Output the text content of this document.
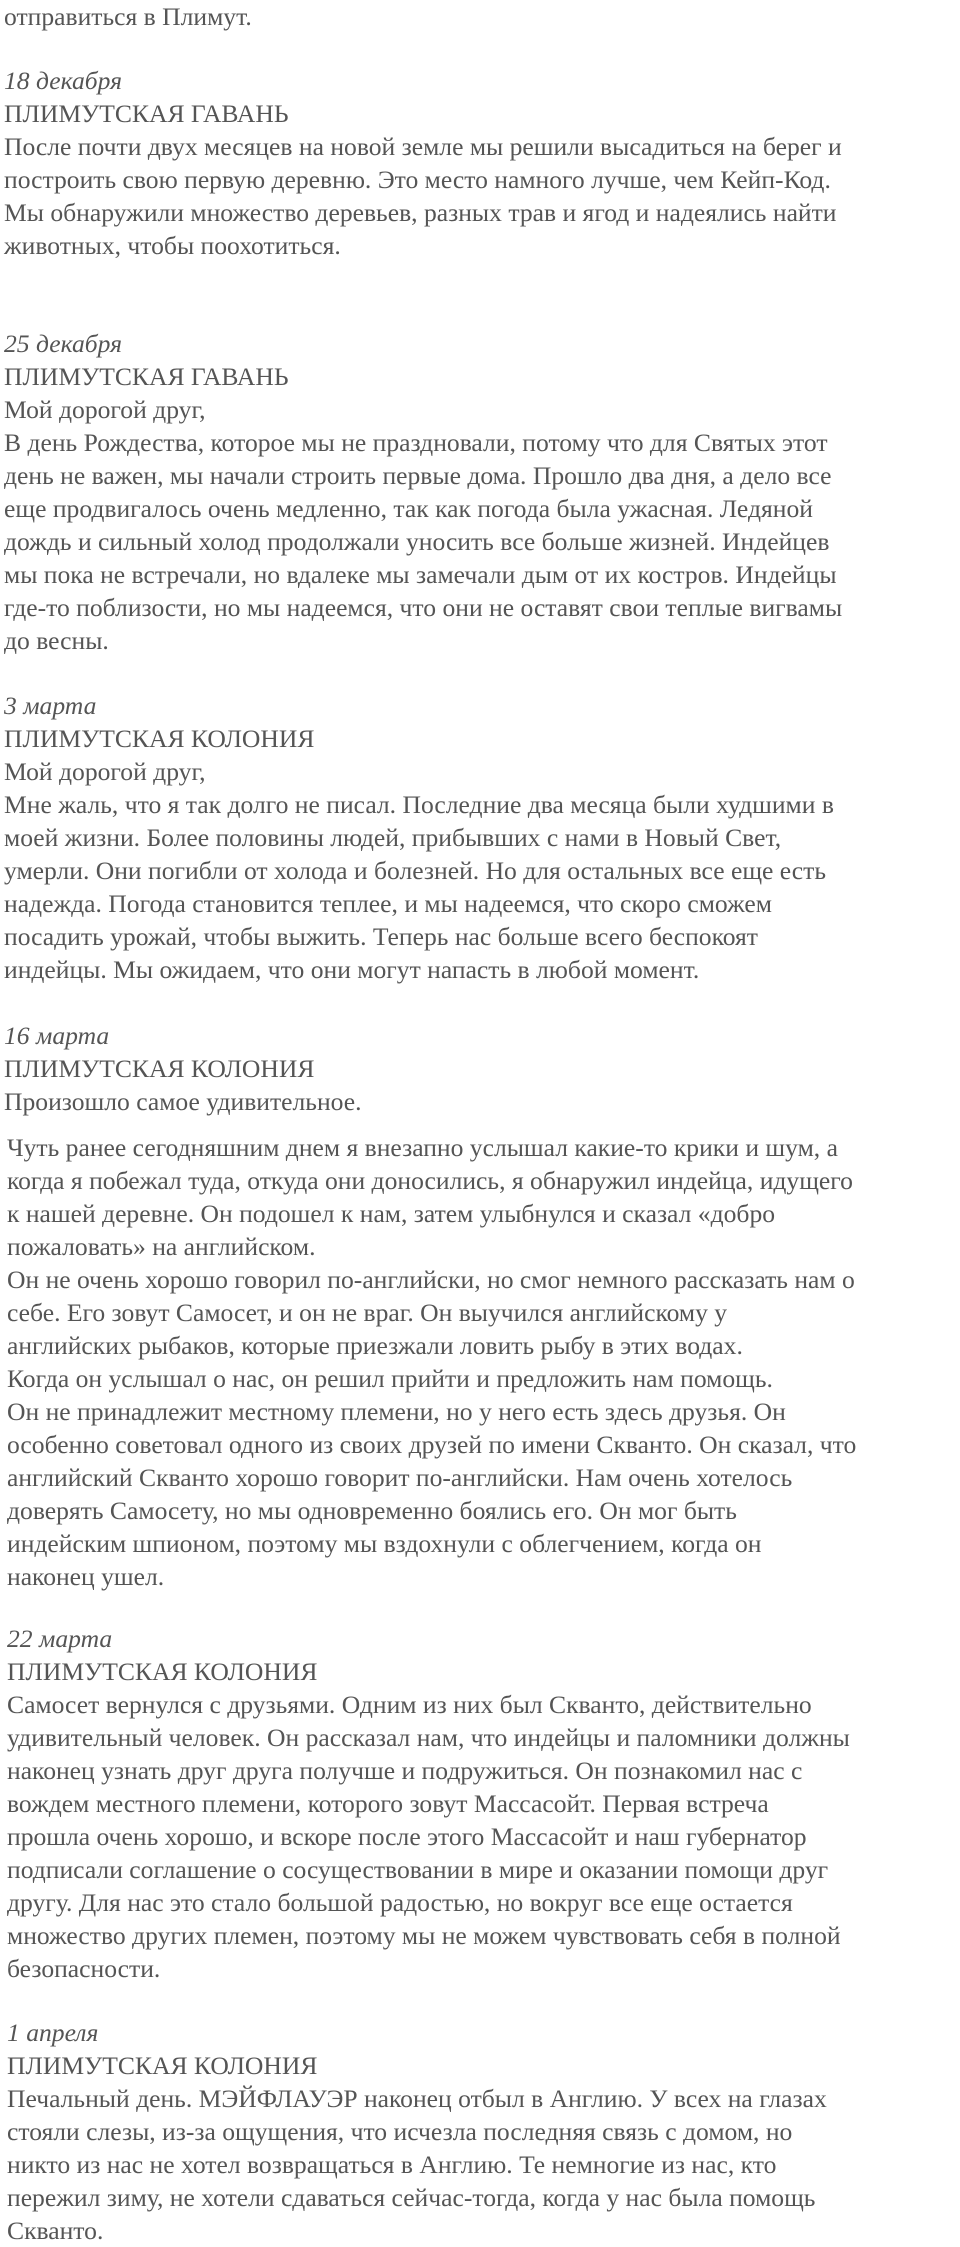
отправиться в Плимут.
18 декабря
ПЛИМУТСКАЯ ГАВАНЬ
После почти двух месяцев на новой земле мы решили высадиться на берег и
построить свою первую деревню. Это место намного лучше, чем Кейп-Код.
Мы обнаружили множество деревьев, разных трав и ягод и надеялись найти
животных, чтобы поохотиться.
25 декабря
ПЛИМУТСКАЯ ГАВАНЬ
Мой дорогой друг,
В день Рождества, которое мы не праздновали, потому что для Святых этот
день не важен, мы начали строить первые дома. Прошло два дня, а дело все
еще продвигалось очень медленно, так как погода была ужасная. Ледяной
дождь и сильный холод продолжали уносить все больше жизней. Индейцев
мы пока не встречали, но вдалеке мы замечали дым от их костров. Индейцы
где-то поблизости, но мы надеемся, что они не оставят свои теплые вигвамы
до весны.
3 марта
ПЛИМУТСКАЯ КОЛОНИЯ
Мой дорогой друг,
Мне жаль, что я так долго не писал. Последние два месяца были худшими в
моей жизни. Более половины людей, прибывших с нами в Новый Свет,
умерли. Они погибли от холода и болезней. Но для остальных все еще есть
надежда. Погода становится теплее, и мы надеемся, что скоро сможем
посадить урожай, чтобы выжить. Теперь нас больше всего беспокоят
индейцы. Мы ожидаем, что они могут напасть в любой момент.
16 марта
ПЛИМУТСКАЯ КОЛОНИЯ
Произошло самое удивительное.
Чуть ранее сегодняшним днем я внезапно услышал какие-то крики и шум, а
когда я побежал туда, откуда они доносились, я обнаружил индейца, идущего
к нашей деревне. Он подошел к нам, затем улыбнулся и сказал «добро
пожаловать» на английском.
Он не очень хорошо говорил по-английски, но смог немного рассказать нам о
себе. Его зовут Самосет, и он не враг. Он выучился английскому у
английских рыбаков, которые приезжали ловить рыбу в этих водах.
Когда он услышал о нас, он решил прийти и предложить нам помощь.
Он не принадлежит местному племени, но у него есть здесь друзья. Он
особенно советовал одного из своих друзей по имени Скванто. Он сказал, что
английский Скванто хорошо говорит по-английски. Нам очень хотелось
доверять Самосету, но мы одновременно боялись его. Он мог быть
индейским шпионом, поэтому мы вздохнули с облегчением, когда он
наконец ушел.
22 марта
ПЛИМУТСКАЯ КОЛОНИЯ
Самосет вернулся с друзьями. Одним из них был Скванто, действительно
удивительный человек. Он рассказал нам, что индейцы и паломники должны
наконец узнать друг друга получше и подружиться. Он познакомил нас с
вождем местного племени, которого зовут Массасойт. Первая встреча
прошла очень хорошо, и вскоре после этого Массасойт и наш губернатор
подписали соглашение о сосуществовании в мире и оказании помощи друг
другу. Для нас это стало большой радостью, но вокруг все еще остается
множество других племен, поэтому мы не можем чувствовать себя в полной
безопасности.
1 апреля
ПЛИМУТСКАЯ КОЛОНИЯ
Печальный день. МЭЙФЛАУЭР наконец отбыл в Англию. У всех на глазах
стояли слезы, из-за ощущения, что исчезла последняя связь с домом, но
никто из нас не хотел возвращаться в Англию. Те немногие из нас, кто
пережил зиму, не хотели сдаваться сейчас-тогда, когда у нас была помощь
Скванто.
